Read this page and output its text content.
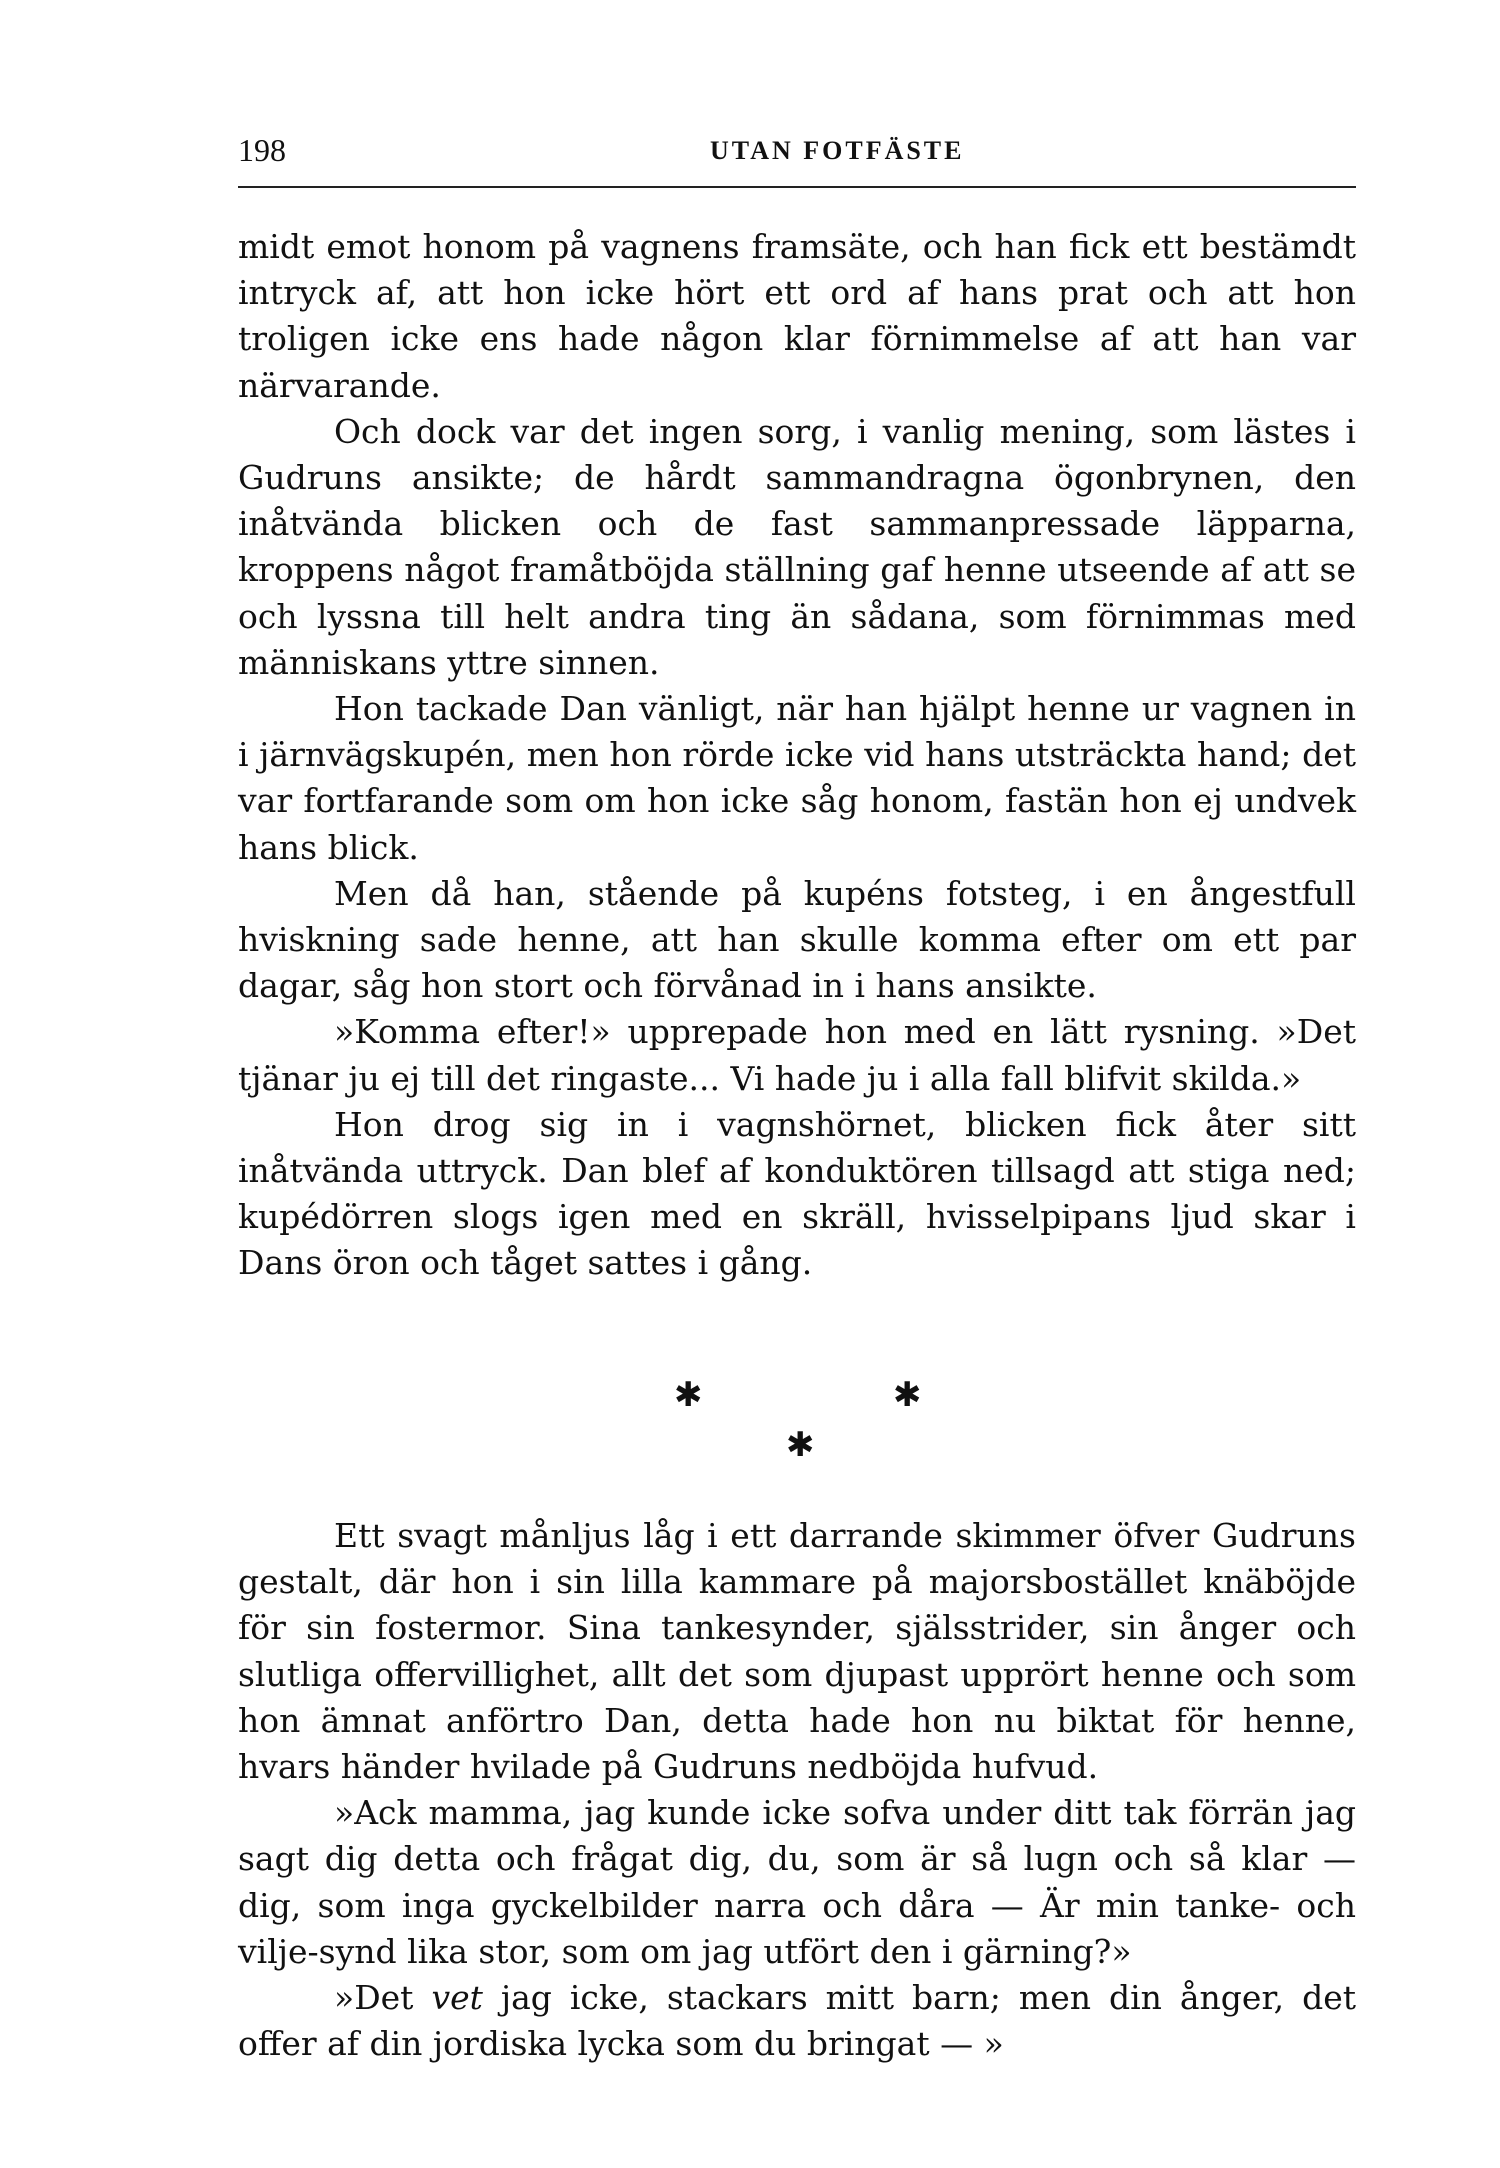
198	UTAN FOTFÄSTE

midt emot honom på vagnens framsäte, och han fick ett bestämdt intryck af, att hon icke hört ett ord af hans prat och att hon troligen icke ens hade någon klar förnimmelse af att han var närvarande.

Och dock var det ingen sorg, i vanlig mening, som lästes i Gudruns ansikte; de hårdt sammandragna ögonbrynen, den inåtvända blicken och de fast sammanpressade läpparna, kroppens något framåtböjda ställning gaf henne utseende af att se och lyssna till helt andra ting än sådana, som förnimmas med människans yttre sinnen.

Hon tackade Dan vänligt, när han hjälpt henne ur vagnen in i järnvägskupén, men hon rörde icke vid hans utsträckta hand; det var fortfarande som om hon icke såg honom, fastän hon ej undvek hans blick.

Men då han, stående på kupéns fotsteg, i en ångestfull hviskning sade henne, att han skulle komma efter om ett par dagar, såg hon stort och förvånad in i hans ansikte.

»Komma efter!» upprepade hon med en lätt rysning. »Det tjänar ju ej till det ringaste... Vi hade ju i alla fall blifvit skilda.»

Hon drog sig in i vagnshörnet, blicken fick åter sitt inåtvända uttryck. Dan blef af konduktören tillsagd att stiga ned; kupédörren slogs igen med en skräll, hvisselpipans ljud skar i Dans öron och tåget sattes i gång.

✱	✱
✱

Ett svagt månljus låg i ett darrande skimmer öfver Gudruns gestalt, där hon i sin lilla kammare på majorsbostället knäböjde för sin fostermor. Sina tankesynder, själsstrider, sin ånger och slutliga offervillighet, allt det som djupast upprört henne och som hon ämnat anförtro Dan, detta hade hon nu biktat för henne, hvars händer hvilade på Gudruns nedböjda hufvud.

»Ack mamma, jag kunde icke sofva under ditt tak förrän jag sagt dig detta och frågat dig, du, som är så lugn och så klar — dig, som inga gyckelbilder narra och dåra — Är min tanke- och vilje-synd lika stor, som om jag utfört den i gärning?»

»Det vet jag icke, stackars mitt barn; men din ånger, det offer af din jordiska lycka som du bringat — »
